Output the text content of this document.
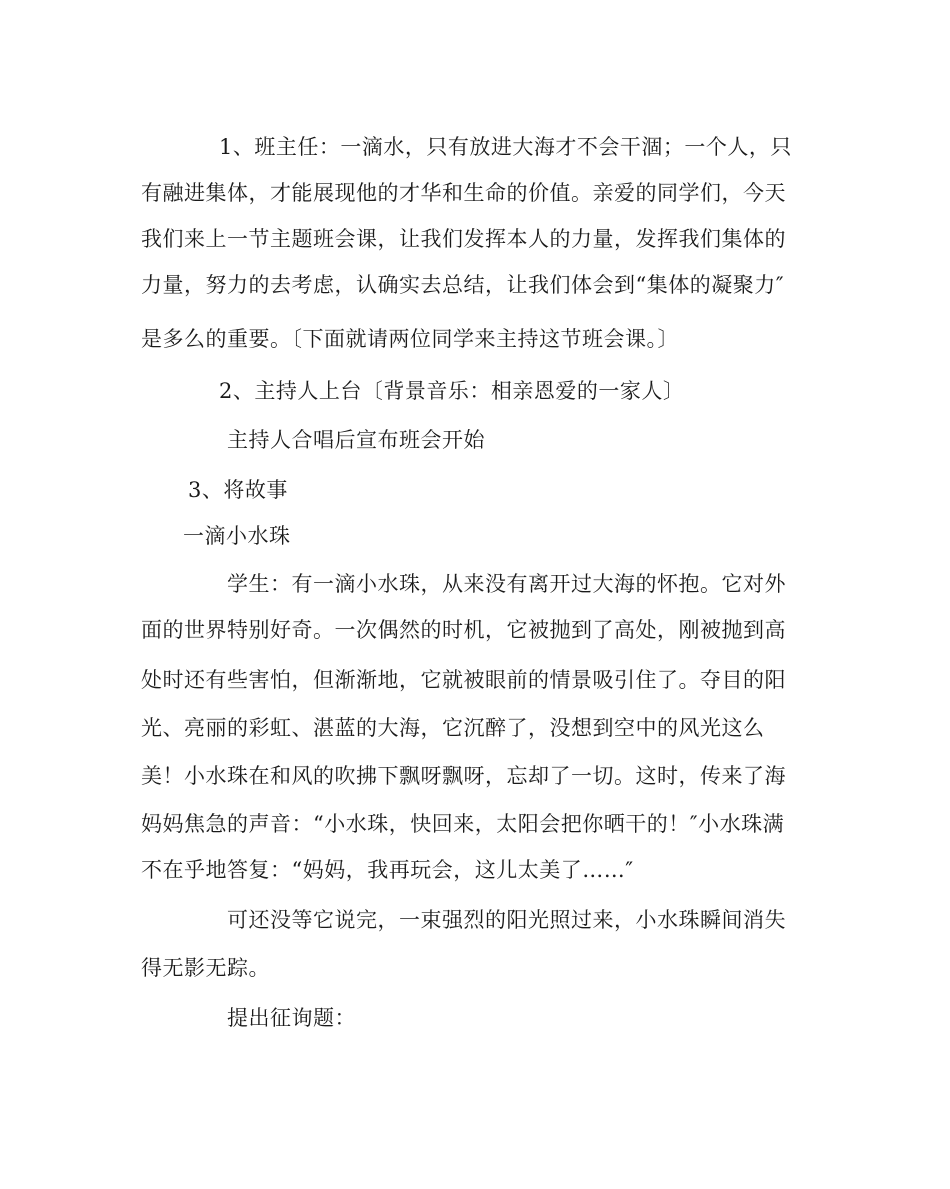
1、班主任：一滴水，只有放进大海才不会干涸；一个人，只
有融进集体，才能展现他的才华和生命的价值。亲爱的同学们，今天
我们来上一节主题班会课，让我们发挥本人的力量，发挥我们集体的
力量，努力的去考虑，认确实去总结，让我们体会到“集体的凝聚力″
是多么的重要。〔下面就请两位同学来主持这节班会课。〕
2、主持人上台〔背景音乐：相亲恩爱的一家人〕
主持人合唱后宣布班会开始
3、将故事
一滴小水珠
学生：有一滴小水珠，从来没有离开过大海的怀抱。它对外
面的世界特别好奇。一次偶然的时机，它被抛到了高处，刚被抛到高
处时还有些害怕，但渐渐地，它就被眼前的情景吸引住了。夺目的阳
光、亮丽的彩虹、湛蓝的大海，它沉醉了，没想到空中的风光这么
美！小水珠在和风的吹拂下飘呀飘呀，忘却了一切。这时，传来了海
妈妈焦急的声音：“小水珠，快回来，太阳会把你晒干的！″小水珠满
不在乎地答复：“妈妈，我再玩会，这儿太美了……″
可还没等它说完，一束强烈的阳光照过来，小水珠瞬间消失
得无影无踪。
提出征询题：
